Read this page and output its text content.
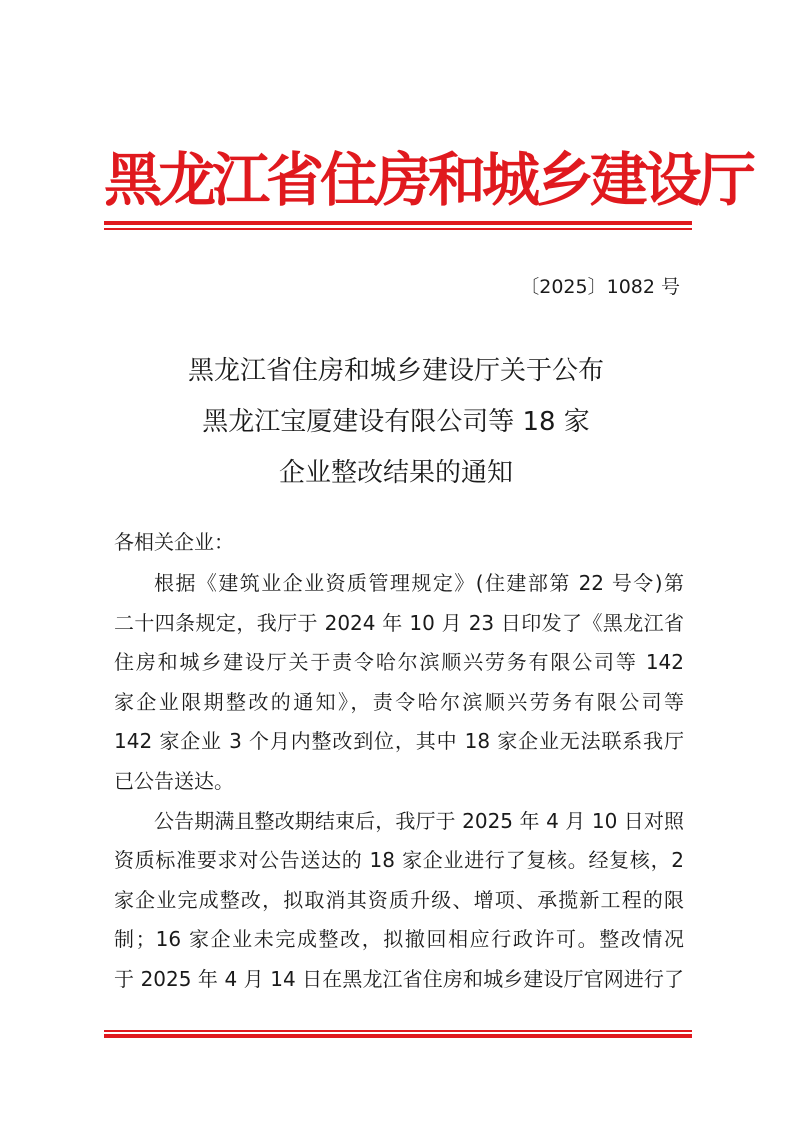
黑龙江省住房和城乡建设厅
〔2025〕1082 号
黑龙江省住房和城乡建设厅关于公布
黑龙江宝厦建设有限公司等 18 家
企业整改结果的通知
各相关企业：
根据《建筑业企业资质管理规定》(住建部第 22 号令)第
二十四条规定，我厅于 2024 年 10 月 23 日印发了《黑龙江省
住房和城乡建设厅关于责令哈尔滨顺兴劳务有限公司等 142
家企业限期整改的通知》，责令哈尔滨顺兴劳务有限公司等
142 家企业 3 个月内整改到位，其中 18 家企业无法联系我厅
已公告送达。
公告期满且整改期结束后，我厅于 2025 年 4 月 10 日对照
资质标准要求对公告送达的 18 家企业进行了复核。经复核，2
家企业完成整改，拟取消其资质升级、增项、承揽新工程的限
制；16 家企业未完成整改，拟撤回相应行政许可。整改情况
于 2025 年 4 月 14 日在黑龙江省住房和城乡建设厅官网进行了
